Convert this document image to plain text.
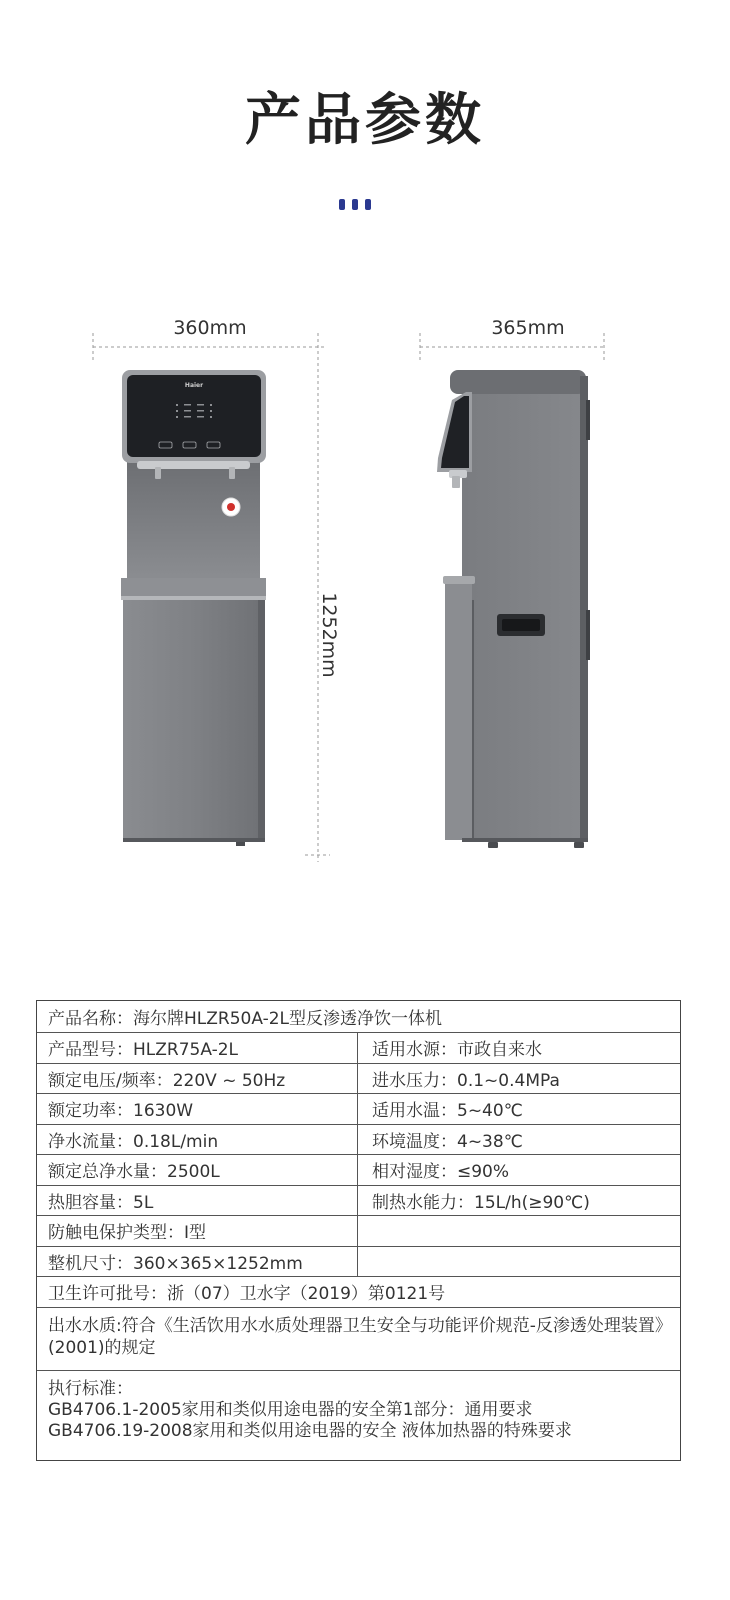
产品参数
360mm
1252mm
365mm
Haier
产品名称：海尔牌HLZR50A-2L型反渗透净饮一体机
产品型号：HLZR75A-2L	适用水源：市政自来水
额定电压/频率：220V ~ 50Hz	进水压力：0.1~0.4MPa
额定功率：1630W	适用水温：5~40℃
净水流量：0.18L/min	环境温度：4~38℃
额定总净水量：2500L	相对湿度：≤90%
热胆容量：5L	制热水能力：15L/h(≥90℃)
防触电保护类型：I型
整机尺寸：360×365×1252mm
卫生许可批号：浙（07）卫水字（2019）第0121号
出水水质:符合《生活饮用水水质处理器卫生安全与功能评价规范-反渗透处理装置》(2001)的规定
执行标准：
GB4706.1-2005家用和类似用途电器的安全第1部分：通用要求
GB4706.19-2008家用和类似用途电器的安全 液体加热器的特殊要求
